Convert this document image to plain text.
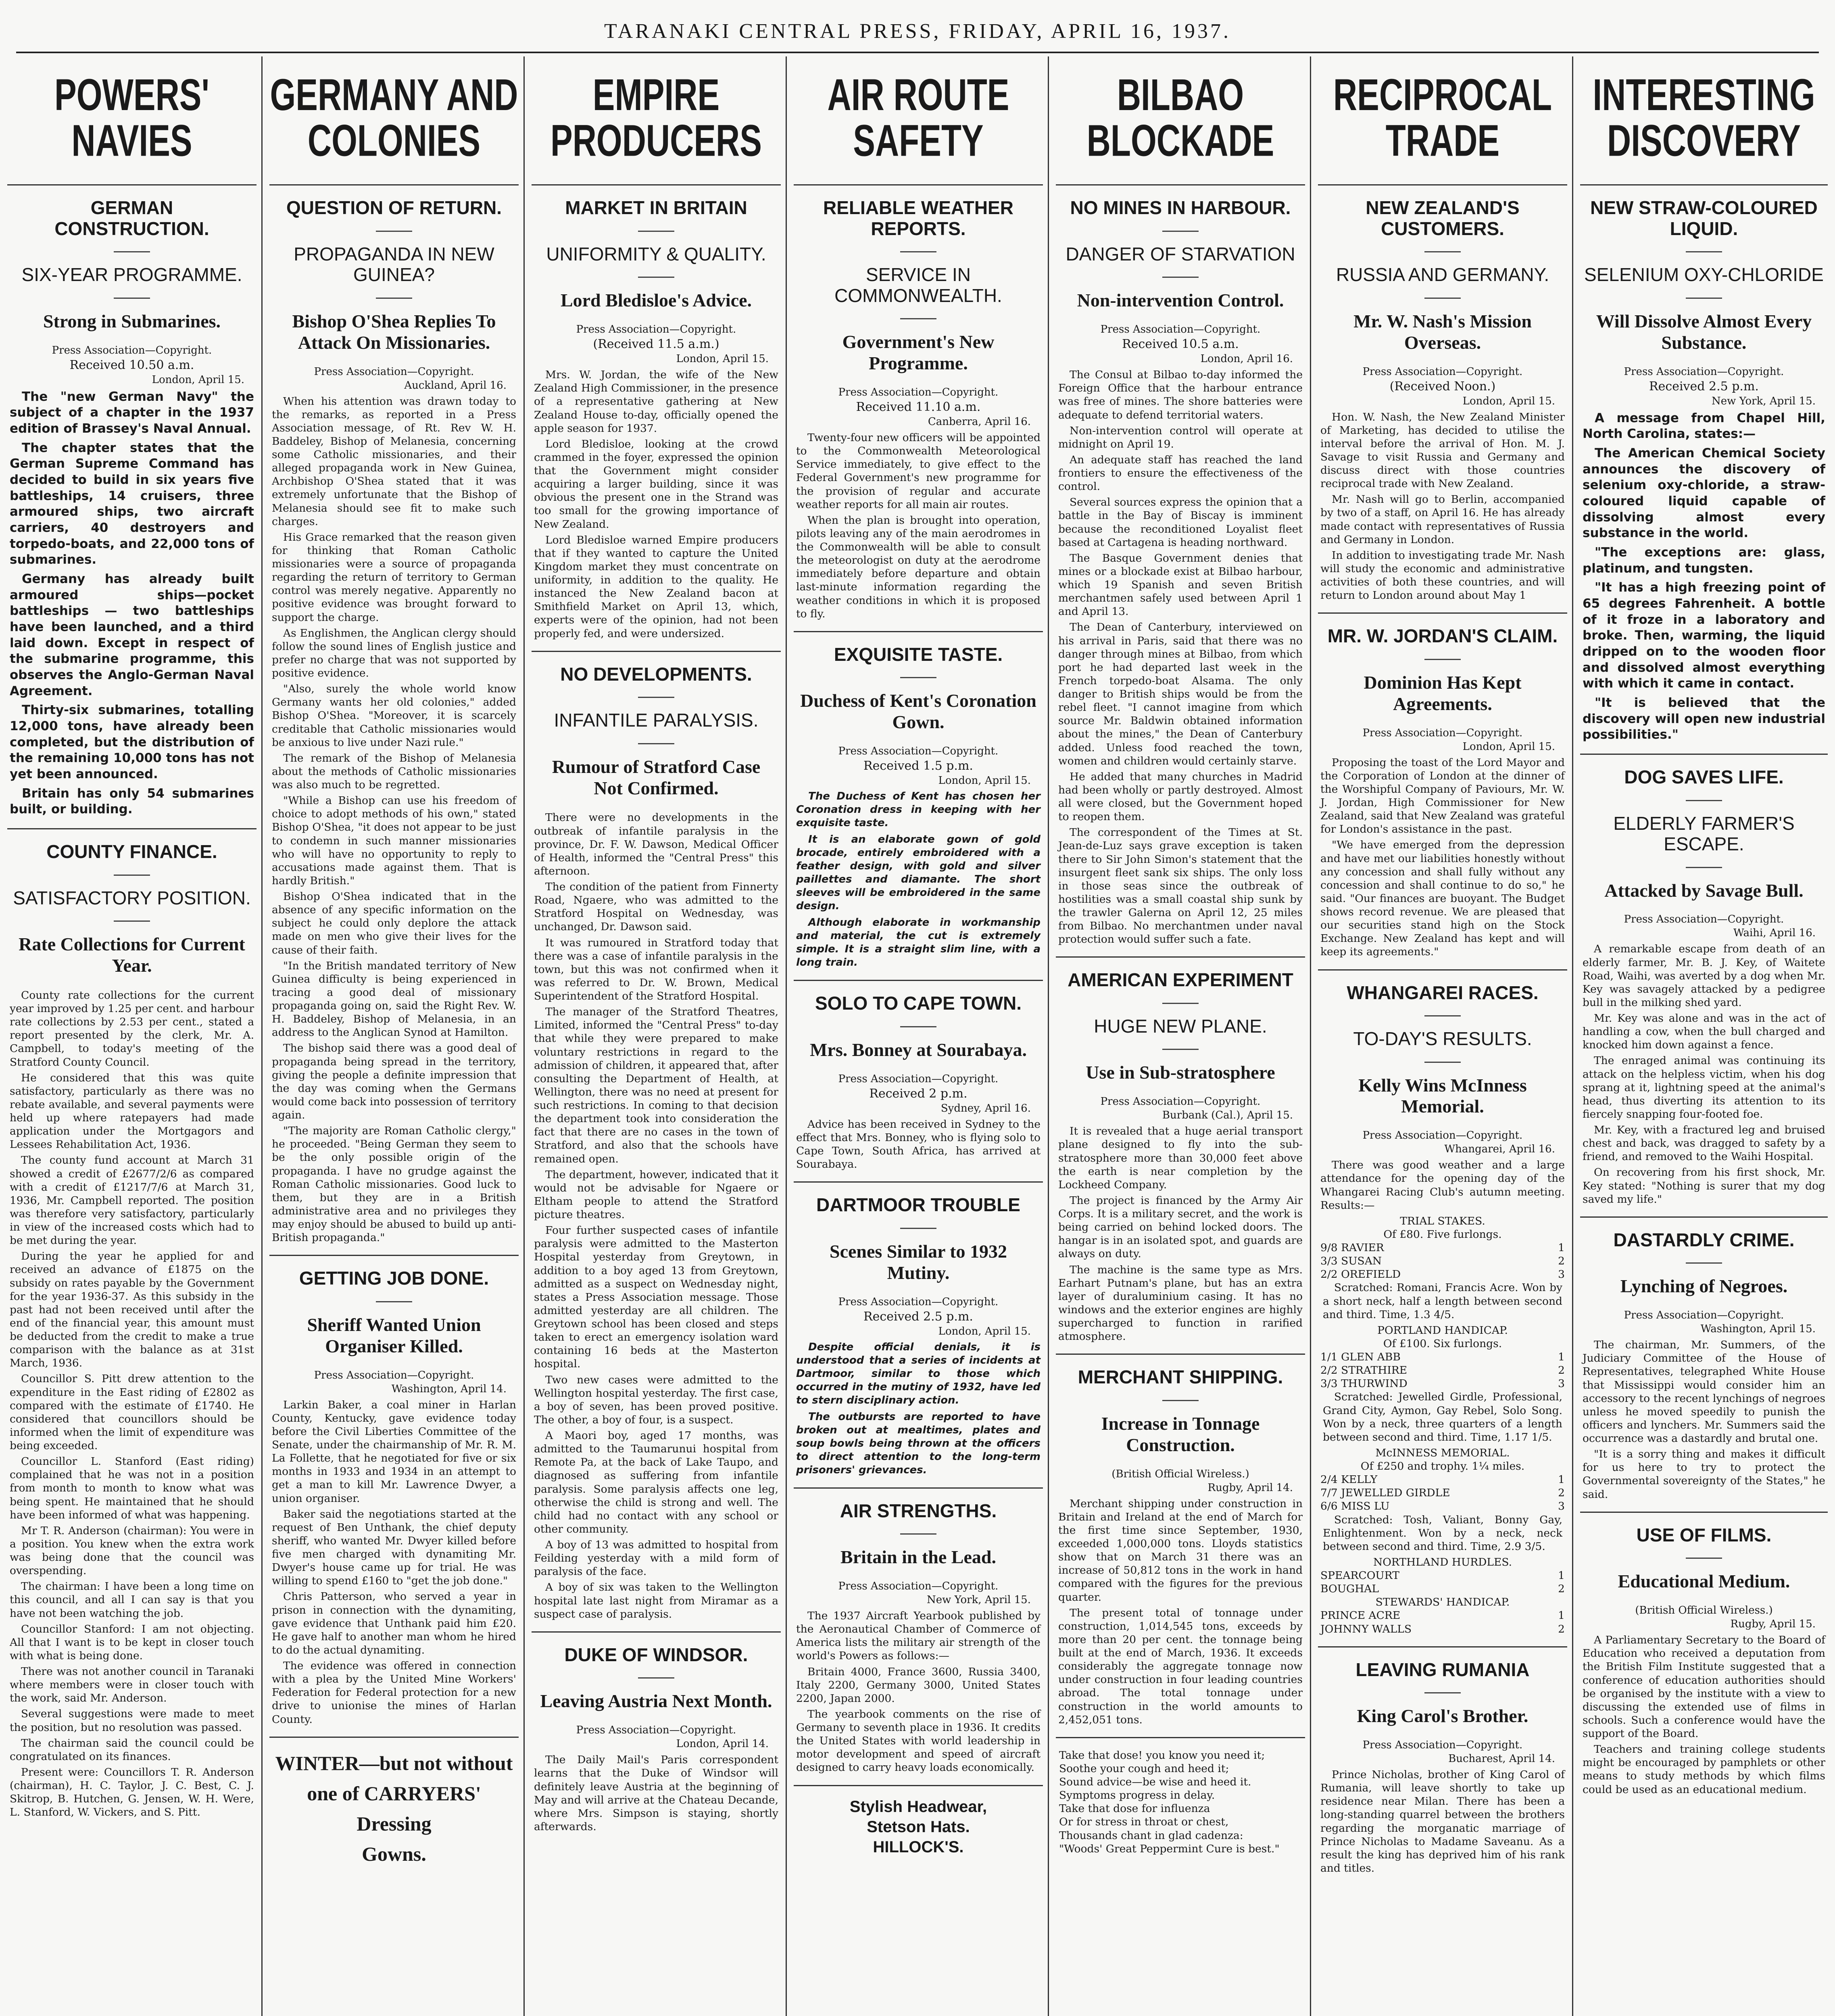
TARANAKI CENTRAL PRESS, FRIDAY, APRIL 16, 1937.
POWERS' NAVIES
GERMAN CONSTRUCTION.
SIX-YEAR PROGRAMME.
Strong in Submarines.
Press Association—Copyright.
Received 10.50 a.m.
London, April 15.

The "new German Navy" the subject of a chapter in the 1937 edition of Brassey's Naval Annual.

The chapter states that the German Supreme Command has decided to build in six years five battleships, 14 cruisers, three armoured ships, two aircraft carriers, 40 destroyers and torpedo-boats, and 22,000 tons of submarines.

Germany has already built armoured ships—pocket battleships — two battleships have been launched, and a third laid down. Except in respect of the submarine programme, this observes the Anglo-German Naval Agreement.

Thirty-six submarines, totalling 12,000 tons, have already been completed, but the distribution of the remaining 10,000 tons has not yet been announced.

Britain has only 54 submarines built, or building.

COUNTY FINANCE.
SATISFACTORY POSITION.
Rate Collections for Current Year.

County rate collections for the current year improved by 1.25 per cent. and harbour rate collections by 2.53 per cent., stated a report presented by the clerk, Mr. A. Campbell, to today's meeting of the Stratford County Council.

He considered that this was quite satisfactory, particularly as there was no rebate available, and several payments were held up where ratepayers had made application under the Mortgagors and Lessees Rehabilitation Act, 1936.

The county fund account at March 31 showed a credit of £2677/2/6 as compared with a credit of £1217/7/6 at March 31, 1936, Mr. Campbell reported. The position was therefore very satisfactory, particularly in view of the increased costs which had to be met during the year.

During the year he applied for and received an advance of £1875 on the subsidy on rates payable by the Government for the year 1936-37. As this subsidy in the past had not been received until after the end of the financial year, this amount must be deducted from the credit to make a true comparison with the balance as at 31st March, 1936.

Councillor S. Pitt drew attention to the expenditure in the East riding of £2802 as compared with the estimate of £1740. He considered that councillors should be informed when the limit of expenditure was being exceeded.

Councillor L. Stanford (East riding) complained that he was not in a position from month to month to know what was being spent. He maintained that he should have been informed of what was happening.

Mr T. R. Anderson (chairman): You were in a position. You knew when the extra work was being done that the council was overspending.

The chairman: I have been a long time on this council, and all I can say is that you have not been watching the job.

Councillor Stanford: I am not objecting. All that I want is to be kept in closer touch with what is being done.

There was not another council in Taranaki where members were in closer touch with the work, said Mr. Anderson.

Several suggestions were made to meet the position, but no resolution was passed.

The chairman said the council could be congratulated on its finances.

Present were: Councillors T. R. Anderson (chairman), H. C. Taylor, J. C. Best, C. J. Skitrop, B. Hutchen, G. Jensen, W. H. Were, L. Stanford, W. Vickers, and S. Pitt.

GERMANY AND COLONIES
QUESTION OF RETURN.
PROPAGANDA IN NEW GUINEA?
Bishop O'Shea Replies To Attack On Missionaries.
Press Association—Copyright.
Auckland, April 16.

When his attention was drawn today to the remarks, as reported in a Press Association message, of Rt. Rev W. H. Baddeley, Bishop of Melanesia, concerning some Catholic missionaries, and their alleged propaganda work in New Guinea, Archbishop O'Shea stated that it was extremely unfortunate that the Bishop of Melanesia should see fit to make such charges.

His Grace remarked that the reason given for thinking that Roman Catholic missionaries were a source of propaganda regarding the return of territory to German control was merely negative. Apparently no positive evidence was brought forward to support the charge.

As Englishmen, the Anglican clergy should follow the sound lines of English justice and prefer no charge that was not supported by positive evidence.

"Also, surely the whole world know Germany wants her old colonies," added Bishop O'Shea. "Moreover, it is scarcely creditable that Catholic missionaries would be anxious to live under Nazi rule."

The remark of the Bishop of Melanesia about the methods of Catholic missionaries was also much to be regretted.

"While a Bishop can use his freedom of choice to adopt methods of his own," stated Bishop O'Shea, "it does not appear to be just to condemn in such manner missionaries who will have no opportunity to reply to accusations made against them. That is hardly British."

Bishop O'Shea indicated that in the absence of any specific information on the subject he could only deplore the attack made on men who give their lives for the cause of their faith.

"In the British mandated territory of New Guinea difficulty is being experienced in tracing a good deal of missionary propaganda going on, said the Right Rev. W. H. Baddeley, Bishop of Melanesia, in an address to the Anglican Synod at Hamilton.

The bishop said there was a good deal of propaganda being spread in the territory, giving the people a definite impression that the day was coming when the Germans would come back into possession of territory again.

"The majority are Roman Catholic clergy," he proceeded. "Being German they seem to be the only possible origin of the propaganda. I have no grudge against the Roman Catholic missionaries. Good luck to them, but they are in a British administrative area and no privileges they may enjoy should be abused to build up anti-British propaganda."

GETTING JOB DONE.
Sheriff Wanted Union Organiser Killed.
Press Association—Copyright.
Washington, April 14.

Larkin Baker, a coal miner in Harlan County, Kentucky, gave evidence today before the Civil Liberties Committee of the Senate, under the chairmanship of Mr. R. M. La Follette, that he negotiated for five or six months in 1933 and 1934 in an attempt to get a man to kill Mr. Lawrence Dwyer, a union organiser.

Baker said the negotiations started at the request of Ben Unthank, the chief deputy sheriff, who wanted Mr. Dwyer killed before five men charged with dynamiting Mr. Dwyer's house came up for trial. He was willing to spend £160 to "get the job done."

Chris Patterson, who served a year in prison in connection with the dynamiting, gave evidence that Unthank paid him £20. He gave half to another man whom he hired to do the actual dynamiting.

The evidence was offered in connection with a plea by the United Mine Workers' Federation for Federal protection for a new drive to unionise the mines of Harlan County.

WINTER—but not without
one of CARRYERS' Dressing
Gowns.
EMPIRE PRODUCERS
MARKET IN BRITAIN
UNIFORMITY & QUALITY.
Lord Bledisloe's Advice.
Press Association—Copyright.
(Received 11.5 a.m.)
London, April 15.

Mrs. W. Jordan, the wife of the New Zealand High Commissioner, in the presence of a representative gathering at New Zealand House to-day, officially opened the apple season for 1937.

Lord Bledisloe, looking at the crowd crammed in the foyer, expressed the opinion that the Government might consider acquiring a larger building, since it was obvious the present one in the Strand was too small for the growing importance of New Zealand.

Lord Bledisloe warned Empire producers that if they wanted to capture the United Kingdom market they must concentrate on uniformity, in addition to the quality. He instanced the New Zealand bacon at Smithfield Market on April 13, which, experts were of the opinion, had not been properly fed, and were undersized.

NO DEVELOPMENTS.
INFANTILE PARALYSIS.
Rumour of Stratford Case Not Confirmed.

There were no developments in the outbreak of infantile paralysis in the province, Dr. F. W. Dawson, Medical Officer of Health, informed the "Central Press" this afternoon.

The condition of the patient from Finnerty Road, Ngaere, who was admitted to the Stratford Hospital on Wednesday, was unchanged, Dr. Dawson said.

It was rumoured in Stratford today that there was a case of infantile paralysis in the town, but this was not confirmed when it was referred to Dr. W. Brown, Medical Superintendent of the Stratford Hospital.

The manager of the Stratford Theatres, Limited, informed the "Central Press" to-day that while they were prepared to make voluntary restrictions in regard to the admission of children, it appeared that, after consulting the Department of Health, at Wellington, there was no need at present for such restrictions. In coming to that decision the department took into consideration the fact that there are no cases in the town of Stratford, and also that the schools have remained open.

The department, however, indicated that it would not be advisable for Ngaere or Eltham people to attend the Stratford picture theatres.

Four further suspected cases of infantile paralysis were admitted to the Masterton Hospital yesterday from Greytown, in addition to a boy aged 13 from Greytown, admitted as a suspect on Wednesday night, states a Press Association message. Those admitted yesterday are all children. The Greytown school has been closed and steps taken to erect an emergency isolation ward containing 16 beds at the Masterton hospital.

Two new cases were admitted to the Wellington hospital yesterday. The first case, a boy of seven, has been proved positive. The other, a boy of four, is a suspect.

A Maori boy, aged 17 months, was admitted to the Taumarunui hospital from Remote Pa, at the back of Lake Taupo, and diagnosed as suffering from infantile paralysis. Some paralysis affects one leg, otherwise the child is strong and well. The child had no contact with any school or other community.

A boy of 13 was admitted to hospital from Feilding yesterday with a mild form of paralysis of the face.

A boy of six was taken to the Wellington hospital late last night from Miramar as a suspect case of paralysis.

DUKE OF WINDSOR.
Leaving Austria Next Month.
Press Association—Copyright.
London, April 14.

The Daily Mail's Paris correspondent learns that the Duke of Windsor will definitely leave Austria at the beginning of May and will arrive at the Chateau Decande, where Mrs. Simpson is staying, shortly afterwards.

AIR ROUTE SAFETY
RELIABLE WEATHER REPORTS.
SERVICE IN COMMONWEALTH.
Government's New Programme.
Press Association—Copyright.
Received 11.10 a.m.
Canberra, April 16.

Twenty-four new officers will be appointed to the Commonwealth Meteorological Service immediately, to give effect to the Federal Government's new programme for the provision of regular and accurate weather reports for all main air routes.

When the plan is brought into operation, pilots leaving any of the main aerodromes in the Commonwealth will be able to consult the meteorologist on duty at the aerodrome immediately before departure and obtain last-minute information regarding the weather conditions in which it is proposed to fly.

EXQUISITE TASTE.
Duchess of Kent's Coronation Gown.
Press Association—Copyright.
Received 1.5 p.m.
London, April 15.

The Duchess of Kent has chosen her Coronation dress in keeping with her exquisite taste.

It is an elaborate gown of gold brocade, entirely embroidered with a feather design, with gold and silver paillettes and diamante. The short sleeves will be embroidered in the same design.

Although elaborate in workmanship and material, the cut is extremely simple. It is a straight slim line, with a long train.

SOLO TO CAPE TOWN.
Mrs. Bonney at Sourabaya.
Press Association—Copyright.
Received 2 p.m.
Sydney, April 16.

Advice has been received in Sydney to the effect that Mrs. Bonney, who is flying solo to Cape Town, South Africa, has arrived at Sourabaya.

DARTMOOR TROUBLE
Scenes Similar to 1932 Mutiny.
Press Association—Copyright.
Received 2.5 p.m.
London, April 15.

Despite official denials, it is understood that a series of incidents at Dartmoor, similar to those which occurred in the mutiny of 1932, have led to stern disciplinary action.

The outbursts are reported to have broken out at mealtimes, plates and soup bowls being thrown at the officers to direct attention to the long-term prisoners' grievances.

AIR STRENGTHS.
Britain in the Lead.
Press Association—Copyright.
New York, April 15.

The 1937 Aircraft Yearbook published by the Aeronautical Chamber of Commerce of America lists the military air strength of the world's Powers as follows:—

Britain 4000, France 3600, Russia 3400, Italy 2200, Germany 3000, United States 2200, Japan 2000.

The yearbook comments on the rise of Germany to seventh place in 1936. It credits the United States with world leadership in motor development and speed of aircraft designed to carry heavy loads economically.

Stylish Headwear,
Stetson Hats.
HILLOCK'S.
BILBAO BLOCKADE
NO MINES IN HARBOUR.
DANGER OF STARVATION
Non-intervention Control.
Press Association—Copyright.
Received 10.5 a.m.
London, April 16.

The Consul at Bilbao to-day informed the Foreign Office that the harbour entrance was free of mines. The shore batteries were adequate to defend territorial waters.

Non-intervention control will operate at midnight on April 19.

An adequate staff has reached the land frontiers to ensure the effectiveness of the control.

Several sources express the opinion that a battle in the Bay of Biscay is imminent because the reconditioned Loyalist fleet based at Cartagena is heading northward.

The Basque Government denies that mines or a blockade exist at Bilbao harbour, which 19 Spanish and seven British merchantmen safely used between April 1 and April 13.

The Dean of Canterbury, interviewed on his arrival in Paris, said that there was no danger through mines at Bilbao, from which port he had departed last week in the French torpedo-boat Alsama. The only danger to British ships would be from the rebel fleet. "I cannot imagine from which source Mr. Baldwin obtained information about the mines," the Dean of Canterbury added. Unless food reached the town, women and children would certainly starve.

He added that many churches in Madrid had been wholly or partly destroyed. Almost all were closed, but the Government hoped to reopen them.

The correspondent of the Times at St. Jean-de-Luz says grave exception is taken there to Sir John Simon's statement that the insurgent fleet sank six ships. The only loss in those seas since the outbreak of hostilities was a small coastal ship sunk by the trawler Galerna on April 12, 25 miles from Bilbao. No merchantmen under naval protection would suffer such a fate.

AMERICAN EXPERIMENT
HUGE NEW PLANE.
Use in Sub-stratosphere
Press Association—Copyright.
Burbank (Cal.), April 15.

It is revealed that a huge aerial transport plane designed to fly into the sub-stratosphere more than 30,000 feet above the earth is near completion by the Lockheed Company.

The project is financed by the Army Air Corps. It is a military secret, and the work is being carried on behind locked doors. The hangar is in an isolated spot, and guards are always on duty.

The machine is the same type as Mrs. Earhart Putnam's plane, but has an extra layer of duraluminium casing. It has no windows and the exterior engines are highly supercharged to function in rarified atmosphere.

MERCHANT SHIPPING.
Increase in Tonnage Construction.
(British Official Wireless.)
Rugby, April 14.

Merchant shipping under construction in Britain and Ireland at the end of March for the first time since September, 1930, exceeded 1,000,000 tons. Lloyds statistics show that on March 31 there was an increase of 50,812 tons in the work in hand compared with the figures for the previous quarter.

The present total of tonnage under construction, 1,014,545 tons, exceeds by more than 20 per cent. the tonnage being built at the end of March, 1936. It exceeds considerably the aggregate tonnage now under construction in four leading countries abroad. The total tonnage under construction in the world amounts to 2,452,051 tons.

Take that dose! you know you need it;
Soothe your cough and heed it;
Sound advice—be wise and heed it.
Symptoms progress in delay.
Take that dose for influenza
Or for stress in throat or chest,
Thousands chant in glad cadenza:
"Woods' Great Peppermint Cure is best."
RECIPROCAL TRADE
NEW ZEALAND'S CUSTOMERS.
RUSSIA AND GERMANY.
Mr. W. Nash's Mission Overseas.
Press Association—Copyright.
(Received Noon.)
London, April 15.

Hon. W. Nash, the New Zealand Minister of Marketing, has decided to utilise the interval before the arrival of Hon. M. J. Savage to visit Russia and Germany and discuss direct with those countries reciprocal trade with New Zealand.

Mr. Nash will go to Berlin, accompanied by two of a staff, on April 16. He has already made contact with representatives of Russia and Germany in London.

In addition to investigating trade Mr. Nash will study the economic and administrative activities of both these countries, and will return to London around about May 1

MR. W. JORDAN'S CLAIM.
Dominion Has Kept Agreements.
Press Association—Copyright.
London, April 15.

Proposing the toast of the Lord Mayor and the Corporation of London at the dinner of the Worshipful Company of Paviours, Mr. W. J. Jordan, High Commissioner for New Zealand, said that New Zealand was grateful for London's assistance in the past.

"We have emerged from the depression and have met our liabilities honestly without any concession and shall fully without any concession and shall continue to do so," he said. "Our finances are buoyant. The Budget shows record revenue. We are pleased that our securities stand high on the Stock Exchange. New Zealand has kept and will keep its agreements."

WHANGAREI RACES.
TO-DAY'S RESULTS.
Kelly Wins McInness Memorial.
Press Association—Copyright.
Whangarei, April 16.

There was good weather and a large attendance for the opening day of the Whangarei Racing Club's autumn meeting. Results:—

TRIAL STAKES.
Of £80. Five furlongs.
9/8 RAVIER	1
3/3 SUSAN	2
2/2 OREFIELD	3

Scratched: Romani, Francis Acre. Won by a short neck, half a length between second and third. Time, 1.3 4/5.

PORTLAND HANDICAP.
Of £100. Six furlongs.
1/1 GLEN ABB	1
2/2 STRATHIRE	2
3/3 THURWIND	3

Scratched: Jewelled Girdle, Professional, Grand City, Aymon, Gay Rebel, Solo Song. Won by a neck, three quarters of a length between second and third. Time, 1.17 1/5.

McINNESS MEMORIAL.
Of £250 and trophy. 1¼ miles.
2/4 KELLY	1
7/7 JEWELLED GIRDLE	2
6/6 MISS LU	3

Scratched: Tosh, Valiant, Bonny Gay, Enlightenment. Won by a neck, neck between second and third. Time, 2.9 3/5.

NORTHLAND HURDLES.
SPEARCOURT	1
BOUGHAL	2
STEWARDS' HANDICAP.
PRINCE ACRE	1
JOHNNY WALLS	2
LEAVING RUMANIA
King Carol's Brother.
Press Association—Copyright.
Bucharest, April 14.

Prince Nicholas, brother of King Carol of Rumania, will leave shortly to take up residence near Milan. There has been a long-standing quarrel between the brothers regarding the morganatic marriage of Prince Nicholas to Madame Saveanu. As a result the king has deprived him of his rank and titles.

INTERESTING DISCOVERY
NEW STRAW-COLOURED LIQUID.
SELENIUM OXY-CHLORIDE
Will Dissolve Almost Every Substance.
Press Association—Copyright.
Received 2.5 p.m.
New York, April 15.

A message from Chapel Hill, North Carolina, states:—

The American Chemical Society announces the discovery of selenium oxy-chloride, a straw-coloured liquid capable of dissolving almost every substance in the world.

"The exceptions are: glass, platinum, and tungsten.

"It has a high freezing point of 65 degrees Fahrenheit. A bottle of it froze in a laboratory and broke. Then, warming, the liquid dripped on to the wooden floor and dissolved almost everything with which it came in contact.

"It is believed that the discovery will open new industrial possibilities."

DOG SAVES LIFE.
ELDERLY FARMER'S ESCAPE.
Attacked by Savage Bull.
Press Association—Copyright.
Waihi, April 16.

A remarkable escape from death of an elderly farmer, Mr. B. J. Key, of Waitete Road, Waihi, was averted by a dog when Mr. Key was savagely attacked by a pedigree bull in the milking shed yard.

Mr. Key was alone and was in the act of handling a cow, when the bull charged and knocked him down against a fence.

The enraged animal was continuing its attack on the helpless victim, when his dog sprang at it, lightning speed at the animal's head, thus diverting its attention to its fiercely snapping four-footed foe.

Mr. Key, with a fractured leg and bruised chest and back, was dragged to safety by a friend, and removed to the Waihi Hospital.

On recovering from his first shock, Mr. Key stated: "Nothing is surer that my dog saved my life."

DASTARDLY CRIME.
Lynching of Negroes.
Press Association—Copyright.
Washington, April 15.

The chairman, Mr. Summers, of the Judiciary Committee of the House of Representatives, telegraphed White House that Mississippi would consider him an accessory to the recent lynchings of negroes unless he moved speedily to punish the officers and lynchers. Mr. Summers said the occurrence was a dastardly and brutal one.

"It is a sorry thing and makes it difficult for us here to try to protect the Governmental sovereignty of the States," he said.

USE OF FILMS.
Educational Medium.
(British Official Wireless.)
Rugby, April 15.

A Parliamentary Secretary to the Board of Education who received a deputation from the British Film Institute suggested that a conference of education authorities should be organised by the institute with a view to discussing the extended use of films in schools. Such a conference would have the support of the Board.

Teachers and training college students might be encouraged by pamphlets or other means to study methods by which films could be used as an educational medium.
